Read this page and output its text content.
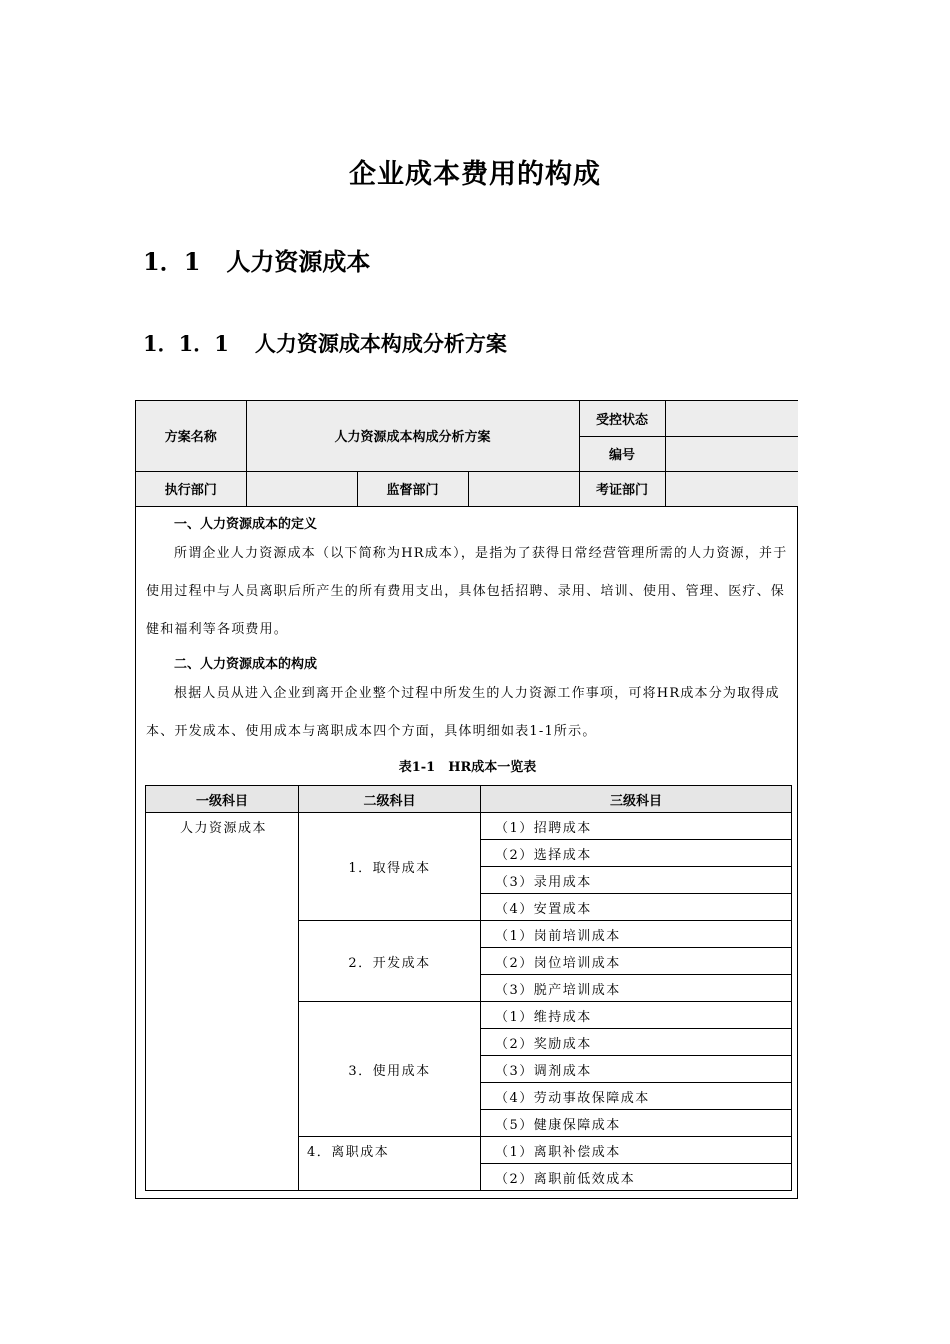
企业成本费用的构成
1．1 人力资源成本
1．1．1 人力资源成本构成分析方案
方案名称	人力资源成本构成分析方案			受控状态	
				编号	
执行部门		监督部门		考证部门	
一、人力资源成本的定义
所谓企业人力资源成本（以下简称为HR成本），是指为了获得日常经营管理所需的人力资源，并于使用过程中与人员离职后所产生的所有费用支出，具体包括招聘、录用、培训、使用、管理、医疗、保健和福利等各项费用。
二、人力资源成本的构成
根据人员从进入企业到离开企业整个过程中所发生的人力资源工作事项，可将HR成本分为取得成本、开发成本、使用成本与离职成本四个方面，具体明细如表1-1所示。
表1-1　HR成本一览表
一级科目	二级科目	三级科目
人力资源成本	1．取得成本	（1）招聘成本
		（2）选择成本
		（3）录用成本
		（4）安置成本
	2．开发成本	（1）岗前培训成本
		（2）岗位培训成本
		（3）脱产培训成本
	3．使用成本	（1）维持成本
		（2）奖励成本
		（3）调剂成本
		（4）劳动事故保障成本
		（5）健康保障成本
	4．离职成本	（1）离职补偿成本
		（2）离职前低效成本
